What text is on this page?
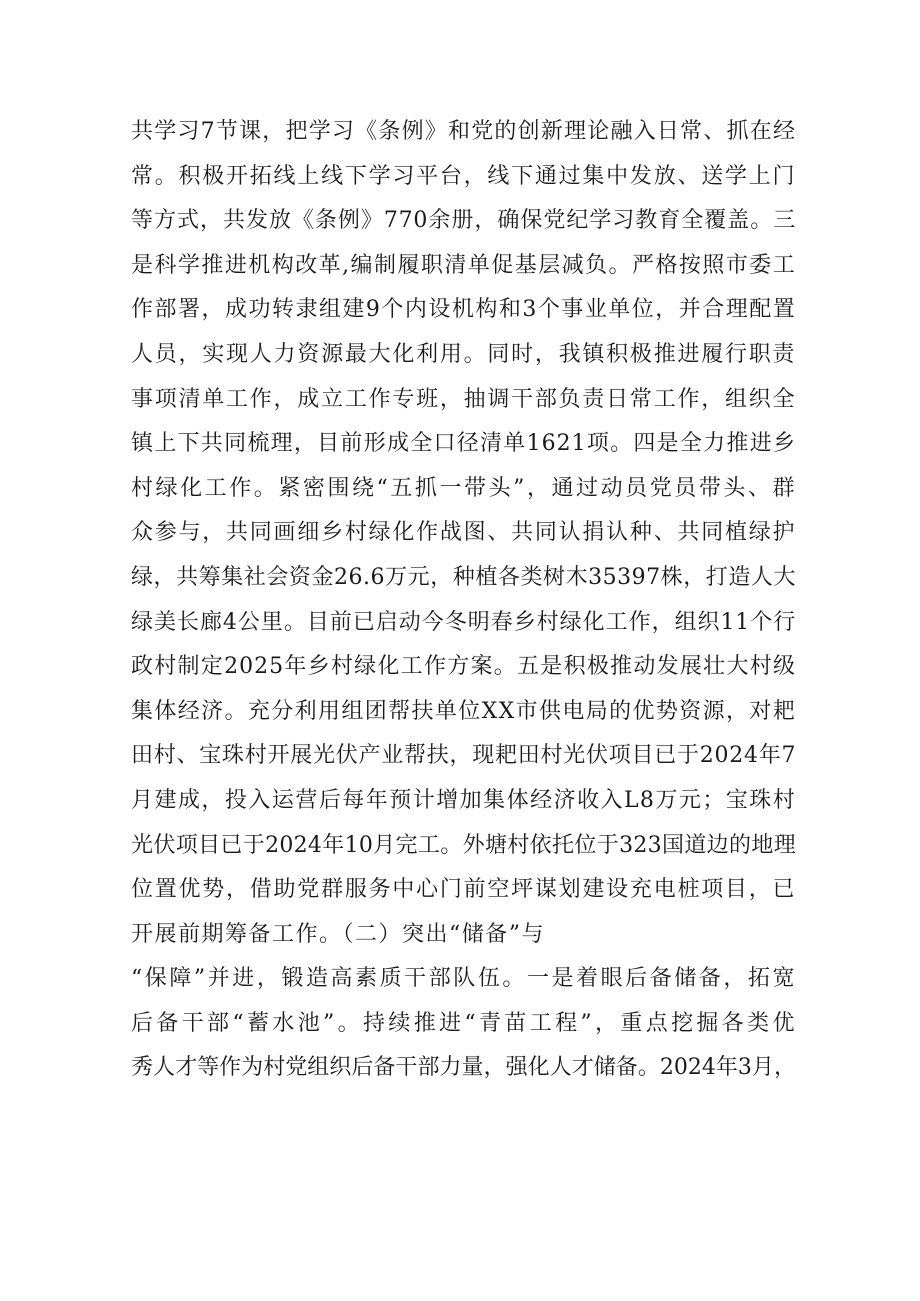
共学习7节课，把学习《条例》和党的创新理论融入日常、抓在经
常。积极开拓线上线下学习平台，线下通过集中发放、送学上门
等方式，共发放《条例》770余册，确保党纪学习教育全覆盖。三
是科学推进机构改革,编制履职清单促基层减负。严格按照市委工
作部署，成功转隶组建9个内设机构和3个事业单位，并合理配置
人员，实现人力资源最大化利用。同时，我镇积极推进履行职责
事项清单工作，成立工作专班，抽调干部负责日常工作，组织全
镇上下共同梳理，目前形成全口径清单1621项。四是全力推进乡
村绿化工作。紧密围绕“五抓一带头”，通过动员党员带头、群
众参与，共同画细乡村绿化作战图、共同认捐认种、共同植绿护
绿，共筹集社会资金26.6万元，种植各类树木35397株，打造人大
绿美长廊4公里。目前已启动今冬明春乡村绿化工作，组织11个行
政村制定2025年乡村绿化工作方案。五是积极推动发展壮大村级
集体经济。充分利用组团帮扶单位XX市供电局的优势资源，对耙
田村、宝珠村开展光伏产业帮扶，现耙田村光伏项目已于2024年7
月建成，投入运营后每年预计增加集体经济收入L8万元；宝珠村
光伏项目已于2024年10月完工。外塘村依托位于323国道边的地理
位置优势，借助党群服务中心门前空坪谋划建设充电桩项目，已
开展前期筹备工作。（二）突出“储备”与
“保障”并进，锻造高素质干部队伍。一是着眼后备储备，拓宽
后备干部“蓄水池”。持续推进“青苗工程”，重点挖掘各类优
秀人才等作为村党组织后备干部力量，强化人才储备。2024年3月，
